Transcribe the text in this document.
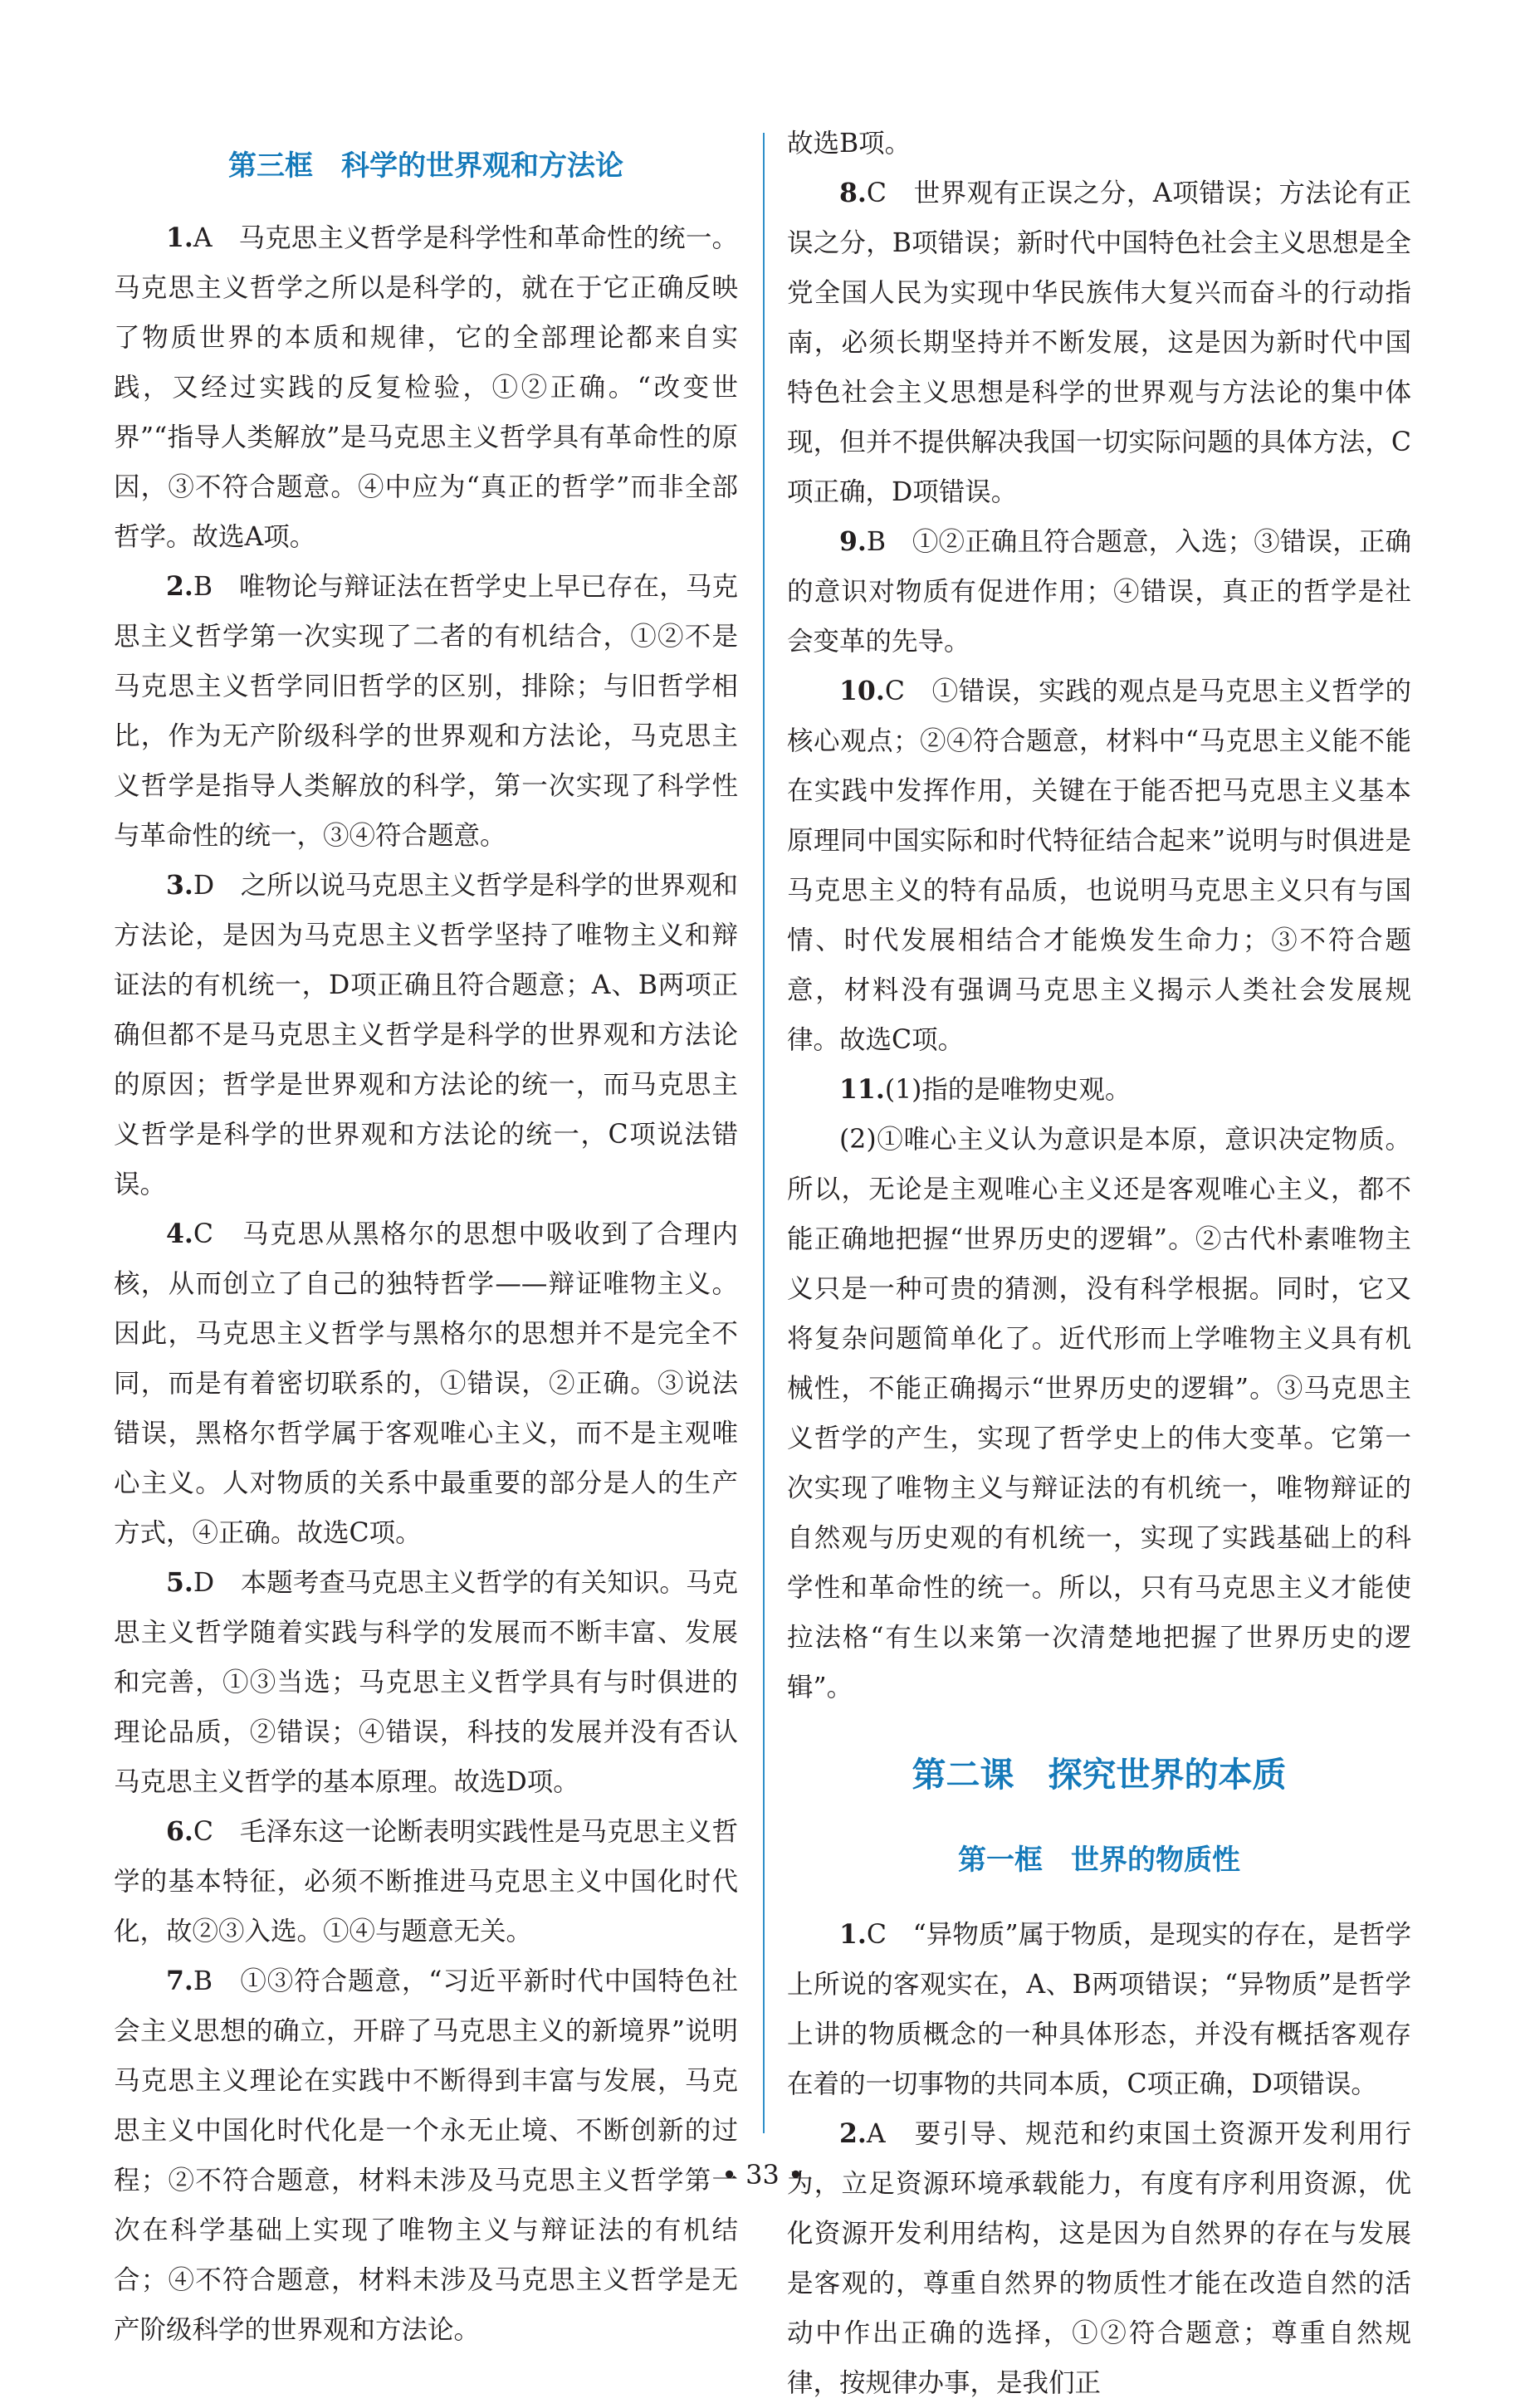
第三框　科学的世界观和方法论

1.A　马克思主义哲学是科学性和革命性的统一。马克思主义哲学之所以是科学的，就在于它正确反映了物质世界的本质和规律，它的全部理论都来自实践，又经过实践的反复检验，①②正确。“改变世界”“指导人类解放”是马克思主义哲学具有革命性的原因，③不符合题意。④中应为“真正的哲学”而非全部哲学。故选A项。

2.B　唯物论与辩证法在哲学史上早已存在，马克思主义哲学第一次实现了二者的有机结合，①②不是马克思主义哲学同旧哲学的区别，排除；与旧哲学相比，作为无产阶级科学的世界观和方法论，马克思主义哲学是指导人类解放的科学，第一次实现了科学性与革命性的统一，③④符合题意。

3.D　之所以说马克思主义哲学是科学的世界观和方法论，是因为马克思主义哲学坚持了唯物主义和辩证法的有机统一，D项正确且符合题意；A、B两项正确但都不是马克思主义哲学是科学的世界观和方法论的原因；哲学是世界观和方法论的统一，而马克思主义哲学是科学的世界观和方法论的统一，C项说法错误。

4.C　马克思从黑格尔的思想中吸收到了合理内核，从而创立了自己的独特哲学——辩证唯物主义。因此，马克思主义哲学与黑格尔的思想并不是完全不同，而是有着密切联系的，①错误，②正确。③说法错误，黑格尔哲学属于客观唯心主义，而不是主观唯心主义。人对物质的关系中最重要的部分是人的生产方式，④正确。故选C项。

5.D　本题考查马克思主义哲学的有关知识。马克思主义哲学随着实践与科学的发展而不断丰富、发展和完善，①③当选；马克思主义哲学具有与时俱进的理论品质，②错误；④错误，科技的发展并没有否认马克思主义哲学的基本原理。故选D项。

6.C　毛泽东这一论断表明实践性是马克思主义哲学的基本特征，必须不断推进马克思主义中国化时代化，故②③入选。①④与题意无关。

7.B　①③符合题意，“习近平新时代中国特色社会主义思想的确立，开辟了马克思主义的新境界”说明马克思主义理论在实践中不断得到丰富与发展，马克思主义中国化时代化是一个永无止境、不断创新的过程；②不符合题意，材料未涉及马克思主义哲学第一次在科学基础上实现了唯物主义与辩证法的有机结合；④不符合题意，材料未涉及马克思主义哲学是无产阶级科学的世界观和方法论。

故选B项。

8.C　世界观有正误之分，A项错误；方法论有正误之分，B项错误；新时代中国特色社会主义思想是全党全国人民为实现中华民族伟大复兴而奋斗的行动指南，必须长期坚持并不断发展，这是因为新时代中国特色社会主义思想是科学的世界观与方法论的集中体现，但并不提供解决我国一切实际问题的具体方法，C项正确，D项错误。

9.B　①②正确且符合题意，入选；③错误，正确的意识对物质有促进作用；④错误，真正的哲学是社会变革的先导。

10.C　①错误，实践的观点是马克思主义哲学的核心观点；②④符合题意，材料中“马克思主义能不能在实践中发挥作用，关键在于能否把马克思主义基本原理同中国实际和时代特征结合起来”说明与时俱进是马克思主义的特有品质，也说明马克思主义只有与国情、时代发展相结合才能焕发生命力；③不符合题意，材料没有强调马克思主义揭示人类社会发展规律。故选C项。

11.(1)指的是唯物史观。

(2)①唯心主义认为意识是本原，意识决定物质。所以，无论是主观唯心主义还是客观唯心主义，都不能正确地把握“世界历史的逻辑”。②古代朴素唯物主义只是一种可贵的猜测，没有科学根据。同时，它又将复杂问题简单化了。近代形而上学唯物主义具有机械性，不能正确揭示“世界历史的逻辑”。③马克思主义哲学的产生，实现了哲学史上的伟大变革。它第一次实现了唯物主义与辩证法的有机统一，唯物辩证的自然观与历史观的有机统一，实现了实践基础上的科学性和革命性的统一。所以，只有马克思主义才能使拉法格“有生以来第一次清楚地把握了世界历史的逻辑”。

第二课　探究世界的本质
第一框　世界的物质性

1.C　“异物质”属于物质，是现实的存在，是哲学上所说的客观实在，A、B两项错误；“异物质”是哲学上讲的物质概念的一种具体形态，并没有概括客观存在着的一切事物的共同本质，C项正确，D项错误。

2.A　要引导、规范和约束国土资源开发利用行为，立足资源环境承载能力，有度有序利用资源，优化资源开发利用结构，这是因为自然界的存在与发展是客观的，尊重自然界的物质性才能在改造自然的活动中作出正确的选择，①②符合题意；尊重自然规律，按规律办事，是我们正

• 33 •
